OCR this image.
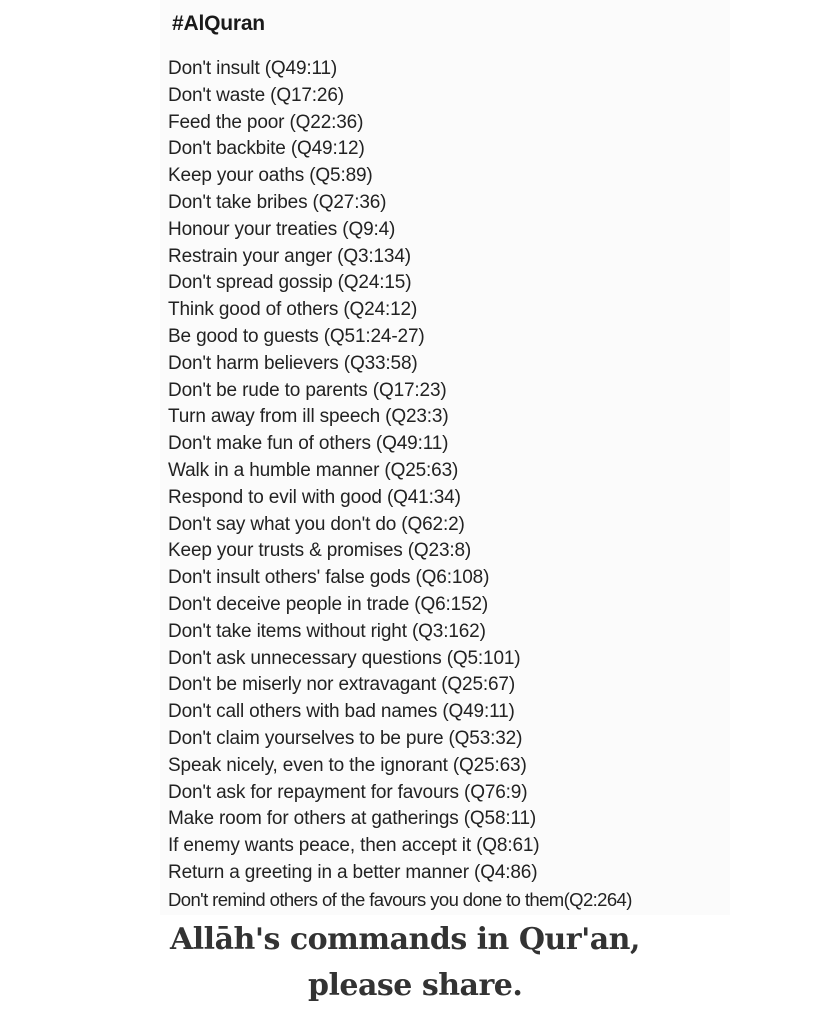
#AlQuran
Don't insult (Q49:11)
Don't waste (Q17:26)
Feed the poor (Q22:36)
Don't backbite (Q49:12)
Keep your oaths (Q5:89)
Don't take bribes (Q27:36)
Honour your treaties (Q9:4)
Restrain your anger (Q3:134)
Don't spread gossip (Q24:15)
Think good of others (Q24:12)
Be good to guests (Q51:24-27)
Don't harm believers (Q33:58)
Don't be rude to parents (Q17:23)
Turn away from ill speech (Q23:3)
Don't make fun of others (Q49:11)
Walk in a humble manner (Q25:63)
Respond to evil with good (Q41:34)
Don't say what you don't do (Q62:2)
Keep your trusts & promises (Q23:8)
Don't insult others' false gods (Q6:108)
Don't deceive people in trade (Q6:152)
Don't take items without right (Q3:162)
Don't ask unnecessary questions (Q5:101)
Don't be miserly nor extravagant (Q25:67)
Don't call others with bad names (Q49:11)
Don't claim yourselves to be pure (Q53:32)
Speak nicely, even to the ignorant (Q25:63)
Don't ask for repayment for favours (Q76:9)
Make room for others at gatherings (Q58:11)
If enemy wants peace, then accept it (Q8:61)
Return a greeting in a better manner (Q4:86)
Don't remind others of the favours you done to them(Q2:264)
Allāh's commands in Qur'an,
please share.
